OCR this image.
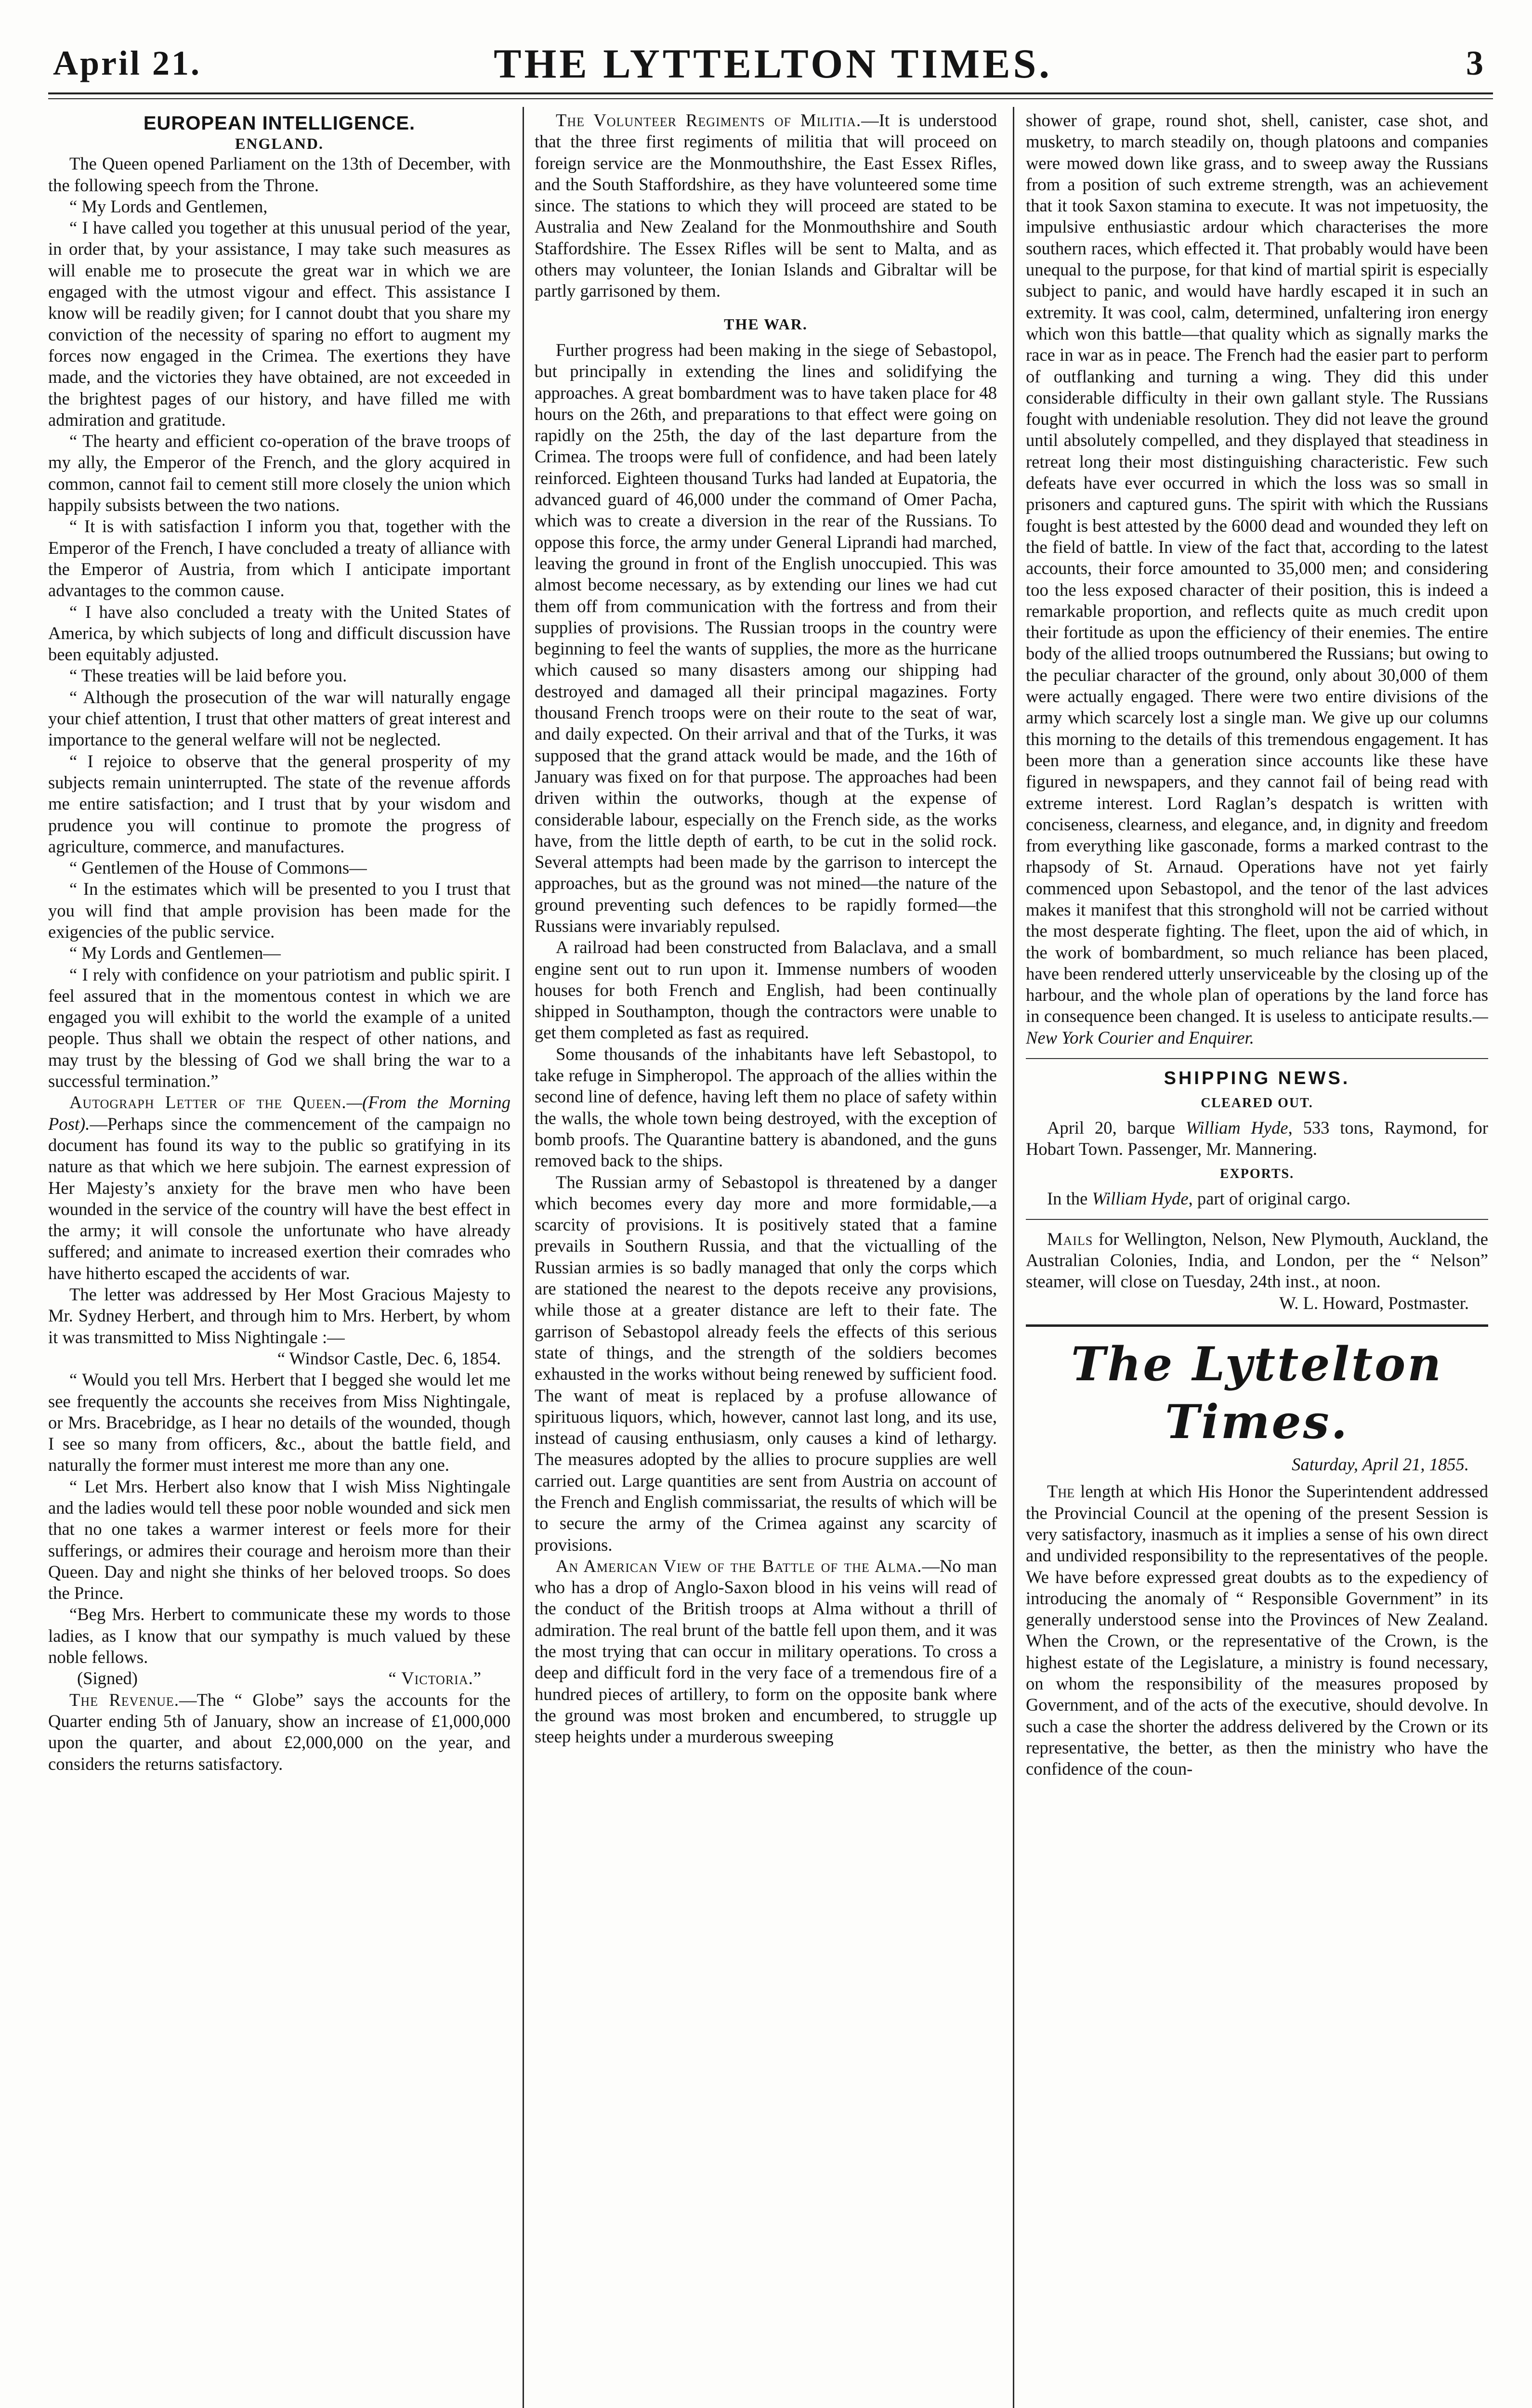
April 21.	THE LYTTELTON TIMES.	3
EUROPEAN INTELLIGENCE.
ENGLAND.

The Queen opened Parliament on the 13th of December, with the following speech from the Throne.

“ My Lords and Gentlemen,

“ I have called you together at this unusual period of the year, in order that, by your assistance, I may take such measures as will enable me to prosecute the great war in which we are engaged with the utmost vigour and effect. This assistance I know will be readily given; for I cannot doubt that you share my conviction of the necessity of sparing no effort to augment my forces now engaged in the Crimea. The exertions they have made, and the victories they have obtained, are not exceeded in the brightest pages of our history, and have filled me with admiration and gratitude.

“ The hearty and efficient co-operation of the brave troops of my ally, the Emperor of the French, and the glory acquired in common, cannot fail to cement still more closely the union which happily subsists between the two nations.

“ It is with satisfaction I inform you that, together with the Emperor of the French, I have concluded a treaty of alliance with the Emperor of Austria, from which I anticipate important advantages to the common cause.

“ I have also concluded a treaty with the United States of America, by which subjects of long and difficult discussion have been equitably adjusted.

“ These treaties will be laid before you.

“ Although the prosecution of the war will naturally engage your chief attention, I trust that other matters of great interest and importance to the general welfare will not be neglected.

“ I rejoice to observe that the general prosperity of my subjects remain uninterrupted. The state of the revenue affords me entire satisfaction; and I trust that by your wisdom and prudence you will continue to promote the progress of agriculture, commerce, and manufactures.

“ Gentlemen of the House of Commons—

“ In the estimates which will be presented to you I trust that you will find that ample provision has been made for the exigencies of the public service.

“ My Lords and Gentlemen—

“ I rely with confidence on your patriotism and public spirit. I feel assured that in the momentous contest in which we are engaged you will exhibit to the world the example of a united people. Thus shall we obtain the respect of other nations, and may trust by the blessing of God we shall bring the war to a successful termination.”

Autograph Letter of the Queen.—(From the Morning Post).—Perhaps since the commencement of the campaign no document has found its way to the public so gratifying in its nature as that which we here subjoin. The earnest expression of Her Majesty’s anxiety for the brave men who have been wounded in the service of the country will have the best effect in the army; it will console the unfortunate who have already suffered; and animate to increased exertion their comrades who have hitherto escaped the accidents of war.

The letter was addressed by Her Most Gracious Majesty to Mr. Sydney Herbert, and through him to Mrs. Herbert, by whom it was transmitted to Miss Nightingale :—

“ Windsor Castle, Dec. 6, 1854.

“ Would you tell Mrs. Herbert that I begged she would let me see frequently the accounts she receives from Miss Nightingale, or Mrs. Bracebridge, as I hear no details of the wounded, though I see so many from officers, &c., about the battle field, and naturally the former must interest me more than any one.

“ Let Mrs. Herbert also know that I wish Miss Nightingale and the ladies would tell these poor noble wounded and sick men that no one takes a warmer interest or feels more for their sufferings, or admires their courage and heroism more than their Queen. Day and night she thinks of her beloved troops. So does the Prince.

“Beg Mrs. Herbert to communicate these my words to those ladies, as I know that our sympathy is much valued by these noble fellows.

(Signed)	“ Victoria.”

The Revenue.—The “ Globe” says the accounts for the Quarter ending 5th of January, show an increase of £1,000,000 upon the quarter, and about £2,000,000 on the year, and considers the returns satisfactory.

The Volunteer Regiments of Militia.—It is understood that the three first regiments of militia that will proceed on foreign service are the Monmouthshire, the East Essex Rifles, and the South Staffordshire, as they have volunteered some time since. The stations to which they will proceed are stated to be Australia and New Zealand for the Monmouthshire and South Staffordshire. The Essex Rifles will be sent to Malta, and as others may volunteer, the Ionian Islands and Gibraltar will be partly garrisoned by them.

THE WAR.

Further progress had been making in the siege of Sebastopol, but principally in extending the lines and solidifying the approaches. A great bombardment was to have taken place for 48 hours on the 26th, and preparations to that effect were going on rapidly on the 25th, the day of the last departure from the Crimea. The troops were full of confidence, and had been lately reinforced. Eighteen thousand Turks had landed at Eupatoria, the advanced guard of 46,000 under the command of Omer Pacha, which was to create a diversion in the rear of the Russians. To oppose this force, the army under General Liprandi had marched, leaving the ground in front of the English unoccupied. This was almost become necessary, as by extending our lines we had cut them off from communication with the fortress and from their supplies of provisions. The Russian troops in the country were beginning to feel the wants of supplies, the more as the hurricane which caused so many disasters among our shipping had destroyed and damaged all their principal magazines. Forty thousand French troops were on their route to the seat of war, and daily expected. On their arrival and that of the Turks, it was supposed that the grand attack would be made, and the 16th of January was fixed on for that purpose. The approaches had been driven within the outworks, though at the expense of considerable labour, especially on the French side, as the works have, from the little depth of earth, to be cut in the solid rock. Several attempts had been made by the garrison to intercept the approaches, but as the ground was not mined—the nature of the ground preventing such defences to be rapidly formed—the Russians were invariably repulsed.

A railroad had been constructed from Balaclava, and a small engine sent out to run upon it. Immense numbers of wooden houses for both French and English, had been continually shipped in Southampton, though the contractors were unable to get them completed as fast as required.

Some thousands of the inhabitants have left Sebastopol, to take refuge in Simpheropol. The approach of the allies within the second line of defence, having left them no place of safety within the walls, the whole town being destroyed, with the exception of bomb proofs. The Quarantine battery is abandoned, and the guns removed back to the ships.

The Russian army of Sebastopol is threatened by a danger which becomes every day more and more formidable,—a scarcity of provisions. It is positively stated that a famine prevails in Southern Russia, and that the victualling of the Russian armies is so badly managed that only the corps which are stationed the nearest to the depots receive any provisions, while those at a greater distance are left to their fate. The garrison of Sebastopol already feels the effects of this serious state of things, and the strength of the soldiers becomes exhausted in the works without being renewed by sufficient food. The want of meat is replaced by a profuse allowance of spirituous liquors, which, however, cannot last long, and its use, instead of causing enthusiasm, only causes a kind of lethargy. The measures adopted by the allies to procure supplies are well carried out. Large quantities are sent from Austria on account of the French and English commissariat, the results of which will be to secure the army of the Crimea against any scarcity of provisions.

An American View of the Battle of the Alma.—No man who has a drop of Anglo-Saxon blood in his veins will read of the conduct of the British troops at Alma without a thrill of admiration. The real brunt of the battle fell upon them, and it was the most trying that can occur in military operations. To cross a deep and difficult ford in the very face of a tremendous fire of a hundred pieces of artillery, to form on the opposite bank where the ground was most broken and encumbered, to struggle up steep heights under a murderous sweeping

shower of grape, round shot, shell, canister, case shot, and musketry, to march steadily on, though platoons and companies were mowed down like grass, and to sweep away the Russians from a position of such extreme strength, was an achievement that it took Saxon stamina to execute. It was not impetuosity, the impulsive enthusiastic ardour which characterises the more southern races, which effected it. That probably would have been unequal to the purpose, for that kind of martial spirit is especially subject to panic, and would have hardly escaped it in such an extremity. It was cool, calm, determined, unfaltering iron energy which won this battle—that quality which as signally marks the race in war as in peace. The French had the easier part to perform of outflanking and turning a wing. They did this under considerable difficulty in their own gallant style. The Russians fought with undeniable resolution. They did not leave the ground until absolutely compelled, and they displayed that steadiness in retreat long their most distinguishing characteristic. Few such defeats have ever occurred in which the loss was so small in prisoners and captured guns. The spirit with which the Russians fought is best attested by the 6000 dead and wounded they left on the field of battle. In view of the fact that, according to the latest accounts, their force amounted to 35,000 men; and considering too the less exposed character of their position, this is indeed a remarkable proportion, and reflects quite as much credit upon their fortitude as upon the efficiency of their enemies. The entire body of the allied troops outnumbered the Russians; but owing to the peculiar character of the ground, only about 30,000 of them were actually engaged. There were two entire divisions of the army which scarcely lost a single man. We give up our columns this morning to the details of this tremendous engagement. It has been more than a generation since accounts like these have figured in newspapers, and they cannot fail of being read with extreme interest. Lord Raglan’s despatch is written with conciseness, clearness, and elegance, and, in dignity and freedom from everything like gasconade, forms a marked contrast to the rhapsody of St. Arnaud. Operations have not yet fairly commenced upon Sebastopol, and the tenor of the last advices makes it manifest that this stronghold will not be carried without the most desperate fighting. The fleet, upon the aid of which, in the work of bombardment, so much reliance has been placed, have been rendered utterly unserviceable by the closing up of the harbour, and the whole plan of operations by the land force has in consequence been changed. It is useless to anticipate results.—New York Courier and Enquirer.

SHIPPING NEWS.
CLEARED OUT.

April 20, barque William Hyde, 533 tons, Raymond, for Hobart Town. Passenger, Mr. Mannering.

EXPORTS.

In the William Hyde, part of original cargo.

Mails for Wellington, Nelson, New Plymouth, Auckland, the Australian Colonies, India, and London, per the “ Nelson” steamer, will close on Tuesday, 24th inst., at noon.

W. L. Howard, Postmaster.

The Lyttelton Times.
Saturday, April 21, 1855.

The length at which His Honor the Superintendent addressed the Provincial Council at the opening of the present Session is very satisfactory, inasmuch as it implies a sense of his own direct and undivided responsibility to the representatives of the people. We have before expressed great doubts as to the expediency of introducing the anomaly of “ Responsible Government” in its generally understood sense into the Provinces of New Zealand. When the Crown, or the representative of the Crown, is the highest estate of the Legislature, a ministry is found necessary, on whom the responsibility of the measures proposed by Government, and of the acts of the executive, should devolve. In such a case the shorter the address delivered by the Crown or its representative, the better, as then the ministry who have the confidence of the coun-
